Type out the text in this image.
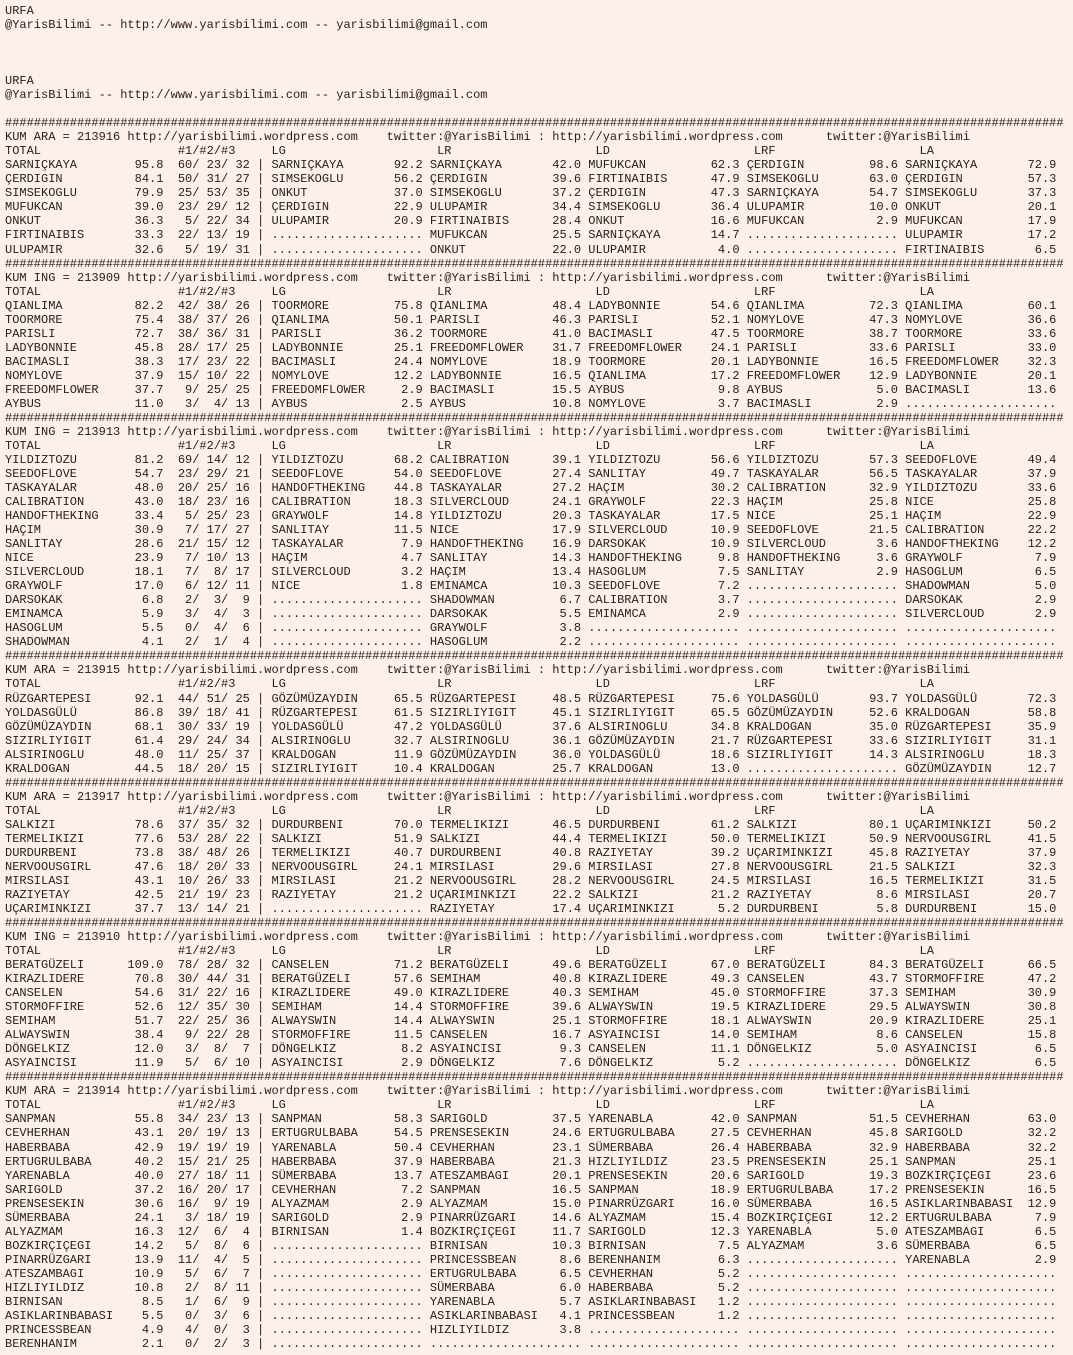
URFA
@YarisBilimi -- http://www.yarisbilimi.com -- yarisbilimi@gmail.com

URFA
@YarisBilimi -- http://www.yarisbilimi.com -- yarisbilimi@gmail.com
###################################################################################################################################################
KUM ARA = 213916 http://yarisbilimi.wordpress.com    twitter:@YarisBilimi : http://yarisbilimi.wordpress.com      twitter:@YarisBilimi
TOTAL                   #1/#2/#3     LG                     LR                    LD                    LRF                    LA
SARNIÇKAYA        95.8  60/ 23/ 32 | SARNIÇKAYA       92.2 SARNIÇKAYA       42.0 MUFUKCAN         62.3 ÇERDIGIN         98.6 SARNIÇKAYA       72.9
ÇERDIGIN          84.1  50/ 31/ 27 | SIMSEKOGLU       56.2 ÇERDIGIN         39.6 FIRTINAIBIS      47.9 SIMSEKOGLU       63.0 ÇERDIGIN         57.3
SIMSEKOGLU        79.9  25/ 53/ 35 | ONKUT            37.0 SIMSEKOGLU       37.2 ÇERDIGIN         47.3 SARNIÇKAYA       54.7 SIMSEKOGLU       37.3
MUFUKCAN          39.0  23/ 29/ 12 | ÇERDIGIN         22.9 ULUPAMIR         34.4 SIMSEKOGLU       36.4 ULUPAMIR         10.0 ONKUT            20.1
ONKUT             36.3   5/ 22/ 34 | ULUPAMIR         20.9 FIRTINAIBIS      28.4 ONKUT            16.6 MUFUKCAN          2.9 MUFUKCAN         17.9
FIRTINAIBIS       33.3  22/ 13/ 19 | ..................... MUFUKCAN         25.5 SARNIÇKAYA       14.7 ..................... ULUPAMIR         17.2
ULUPAMIR          32.6   5/ 19/ 31 | ..................... ONKUT            22.0 ULUPAMIR          4.0 ..................... FIRTINAIBIS       6.5
###################################################################################################################################################
KUM ING = 213909 http://yarisbilimi.wordpress.com    twitter:@YarisBilimi : http://yarisbilimi.wordpress.com      twitter:@YarisBilimi
TOTAL                   #1/#2/#3     LG                     LR                    LD                    LRF                    LA
QIANLIMA          82.2  42/ 38/ 26 | TOORMORE         75.8 QIANLIMA         48.4 LADYBONNIE       54.6 QIANLIMA         72.3 QIANLIMA         60.1
TOORMORE          75.4  38/ 37/ 26 | QIANLIMA         50.1 PARISLI          46.3 PARISLI          52.1 NOMYLOVE         47.3 NOMYLOVE         36.6
PARISLI           72.7  38/ 36/ 31 | PARISLI          36.2 TOORMORE         41.0 BACIMASLI        47.5 TOORMORE         38.7 TOORMORE         33.6
LADYBONNIE        45.8  28/ 17/ 25 | LADYBONNIE       25.1 FREEDOMFLOWER    31.7 FREEDOMFLOWER    24.1 PARISLI          33.6 PARISLI          33.0
BACIMASLI         38.3  17/ 23/ 22 | BACIMASLI        24.4 NOMYLOVE         18.9 TOORMORE         20.1 LADYBONNIE       16.5 FREEDOMFLOWER    32.3
NOMYLOVE          37.9  15/ 10/ 22 | NOMYLOVE         12.2 LADYBONNIE       16.5 QIANLIMA         17.2 FREEDOMFLOWER    12.9 LADYBONNIE       20.1
FREEDOMFLOWER     37.7   9/ 25/ 25 | FREEDOMFLOWER     2.9 BACIMASLI        15.5 AYBUS             9.8 AYBUS             5.0 BACIMASLI        13.6
AYBUS             11.0   3/  4/ 13 | AYBUS             2.5 AYBUS            10.8 NOMYLOVE          3.7 BACIMASLI         2.9 .....................
###################################################################################################################################################
KUM ING = 213913 http://yarisbilimi.wordpress.com    twitter:@YarisBilimi : http://yarisbilimi.wordpress.com      twitter:@YarisBilimi
TOTAL                   #1/#2/#3     LG                     LR                    LD                    LRF                    LA
YILDIZTOZU        81.2  69/ 14/ 12 | YILDIZTOZU       68.2 CALIBRATION      39.1 YILDIZTOZU       56.6 YILDIZTOZU       57.3 SEEDOFLOVE       49.4
SEEDOFLOVE        54.7  23/ 29/ 21 | SEEDOFLOVE       54.0 SEEDOFLOVE       27.4 SANLITAY         49.7 TASKAYALAR       56.5 TASKAYALAR       37.9
TASKAYALAR        48.0  20/ 25/ 16 | HANDOFTHEKING    44.8 TASKAYALAR       27.2 HAÇIM            30.2 CALIBRATION      32.9 YILDIZTOZU       33.6
CALIBRATION       43.0  18/ 23/ 16 | CALIBRATION      18.3 SILVERCLOUD      24.1 GRAYWOLF         22.3 HAÇIM            25.8 NICE             25.8
HANDOFTHEKING     33.4   5/ 25/ 23 | GRAYWOLF         14.8 YILDIZTOZU       20.3 TASKAYALAR       17.5 NICE             25.1 HAÇIM            22.9
HAÇIM             30.9   7/ 17/ 27 | SANLITAY         11.5 NICE             17.9 SILVERCLOUD      10.9 SEEDOFLOVE       21.5 CALIBRATION      22.2
SANLITAY          28.6  21/ 15/ 12 | TASKAYALAR        7.9 HANDOFTHEKING    16.9 DARSOKAK         10.9 SILVERCLOUD       3.6 HANDOFTHEKING    12.2
NICE              23.9   7/ 10/ 13 | HAÇIM             4.7 SANLITAY         14.3 HANDOFTHEKING     9.8 HANDOFTHEKING     3.6 GRAYWOLF          7.9
SILVERCLOUD       18.1   7/  8/ 17 | SILVERCLOUD       3.2 HAÇIM            13.4 HASOGLUM          7.5 SANLITAY          2.9 HASOGLUM          6.5
GRAYWOLF          17.0   6/ 12/ 11 | NICE              1.8 EMINAMCA         10.3 SEEDOFLOVE        7.2 ..................... SHADOWMAN         5.0
DARSOKAK           6.8   2/  3/  9 | ..................... SHADOWMAN         6.7 CALIBRATION       3.7 ..................... DARSOKAK          2.9
EMINAMCA           5.9   3/  4/  3 | ..................... DARSOKAK          5.5 EMINAMCA          2.9 ..................... SILVERCLOUD       2.9
HASOGLUM           5.5   0/  4/  6 | ..................... GRAYWOLF          3.8 ..................... ..................... .....................
SHADOWMAN          4.1   2/  1/  4 | ..................... HASOGLUM          2.2 ..................... ..................... .....................
###################################################################################################################################################
KUM ARA = 213915 http://yarisbilimi.wordpress.com    twitter:@YarisBilimi : http://yarisbilimi.wordpress.com      twitter:@YarisBilimi
TOTAL                   #1/#2/#3     LG                     LR                    LD                    LRF                    LA
RÜZGARTEPESI      92.1  44/ 51/ 25 | GÖZÜMÜZAYDIN     65.5 RÜZGARTEPESI     48.5 RÜZGARTEPESI     75.6 YOLDASGÜLÜ       93.7 YOLDASGÜLÜ       72.3
YOLDASGÜLÜ        86.8  39/ 18/ 41 | RÜZGARTEPESI     61.5 SIZIRLIYIGIT     45.1 SIZIRLIYIGIT     65.5 GÖZÜMÜZAYDIN     52.6 KRALDOGAN        58.8
GÖZÜMÜZAYDIN      68.1  30/ 33/ 19 | YOLDASGÜLÜ       47.2 YOLDASGÜLÜ       37.6 ALSIRINOGLU      34.8 KRALDOGAN        35.0 RÜZGARTEPESI     35.9
SIZIRLIYIGIT      61.4  29/ 24/ 34 | ALSIRINOGLU      32.7 ALSIRINOGLU      36.1 GÖZÜMÜZAYDIN     21.7 RÜZGARTEPESI     33.6 SIZIRLIYIGIT     31.1
ALSIRINOGLU       48.0  11/ 25/ 37 | KRALDOGAN        11.9 GÖZÜMÜZAYDIN     36.0 YOLDASGÜLÜ       18.6 SIZIRLIYIGIT     14.3 ALSIRINOGLU      18.3
KRALDOGAN         44.5  18/ 20/ 15 | SIZIRLIYIGIT     10.4 KRALDOGAN        25.7 KRALDOGAN        13.0 ..................... GÖZÜMÜZAYDIN     12.7
###################################################################################################################################################
KUM ARA = 213917 http://yarisbilimi.wordpress.com    twitter:@YarisBilimi : http://yarisbilimi.wordpress.com      twitter:@YarisBilimi
TOTAL                   #1/#2/#3     LG                     LR                    LD                    LRF                    LA
SALKIZI           78.6  37/ 35/ 32 | DURDURBENI       70.0 TERMELIKIZI      46.5 DURDURBENI       61.2 SALKIZI          80.1 UÇARIMINKIZI     50.2
TERMELIKIZI       77.6  53/ 28/ 22 | SALKIZI          51.9 SALKIZI          44.4 TERMELIKIZI      50.0 TERMELIKIZI      50.9 NERVOOUSGIRL     41.5
DURDURBENI        73.8  38/ 48/ 26 | TERMELIKIZI      40.7 DURDURBENI       40.8 RAZIYETAY        39.2 UÇARIMINKIZI     45.8 RAZIYETAY        37.9
NERVOOUSGIRL      47.6  18/ 20/ 33 | NERVOOUSGIRL     24.1 MIRSILASI        29.6 MIRSILASI        27.8 NERVOOUSGIRL     21.5 SALKIZI          32.3
MIRSILASI         43.1  10/ 26/ 33 | MIRSILASI        21.2 NERVOOUSGIRL     28.2 NERVOOUSGIRL     24.5 MIRSILASI        16.5 TERMELIKIZI      31.5
RAZIYETAY         42.5  21/ 19/ 23 | RAZIYETAY        21.2 UÇARIMINKIZI     22.2 SALKIZI          21.2 RAZIYETAY         8.6 MIRSILASI        20.7
UÇARIMINKIZI      37.7  13/ 14/ 21 | ..................... RAZIYETAY        17.4 UÇARIMINKIZI      5.2 DURDURBENI        5.8 DURDURBENI       15.0
###################################################################################################################################################
KUM ING = 213910 http://yarisbilimi.wordpress.com    twitter:@YarisBilimi : http://yarisbilimi.wordpress.com      twitter:@YarisBilimi
TOTAL                   #1/#2/#3     LG                     LR                    LD                    LRF                    LA
BERATGÜZELI      109.0  78/ 28/ 32 | CANSELEN         71.2 BERATGÜZELI      49.6 BERATGÜZELI      67.0 BERATGÜZELI      84.3 BERATGÜZELI      66.5
KIRAZLIDERE       70.8  30/ 44/ 31 | BERATGÜZELI      57.6 SEMIHAM          40.8 KIRAZLIDERE      49.3 CANSELEN         43.7 STORMOFFIRE      47.2
CANSELEN          54.6  31/ 22/ 16 | KIRAZLIDERE      49.0 KIRAZLIDERE      40.3 SEMIHAM          45.0 STORMOFFIRE      37.3 SEMIHAM          30.9
STORMOFFIRE       52.6  12/ 35/ 30 | SEMIHAM          14.4 STORMOFFIRE      39.6 ALWAYSWIN        19.5 KIRAZLIDERE      29.5 ALWAYSWIN        30.8
SEMIHAM           51.7  22/ 25/ 36 | ALWAYSWIN        14.4 ALWAYSWIN        25.1 STORMOFFIRE      18.1 ALWAYSWIN        20.9 KIRAZLIDERE      25.1
ALWAYSWIN         38.4   9/ 22/ 28 | STORMOFFIRE      11.5 CANSELEN         16.7 ASYAINCISI       14.0 SEMIHAM           8.6 CANSELEN         15.8
DÖNGELKIZ         12.0   3/  8/  7 | DÖNGELKIZ         8.2 ASYAINCISI        9.3 CANSELEN         11.1 DÖNGELKIZ         5.0 ASYAINCISI        6.5
ASYAINCISI        11.9   5/  6/ 10 | ASYAINCISI        2.9 DÖNGELKIZ         7.6 DÖNGELKIZ         5.2 ..................... DÖNGELKIZ         6.5
###################################################################################################################################################
KUM ARA = 213914 http://yarisbilimi.wordpress.com    twitter:@YarisBilimi : http://yarisbilimi.wordpress.com      twitter:@YarisBilimi
TOTAL                   #1/#2/#3     LG                     LR                    LD                    LRF                    LA
SANPMAN           55.8  34/ 23/ 13 | SANPMAN          58.3 SARIGOLD         37.5 YARENABLA        42.0 SANPMAN          51.5 CEVHERHAN        63.0
CEVHERHAN         43.1  20/ 19/ 13 | ERTUGRULBABA     54.5 PRENSESEKIN      24.6 ERTUGRULBABA     27.5 CEVHERHAN        45.8 SARIGOLD         32.2
HABERBABA         42.9  19/ 19/ 19 | YARENABLA        50.4 CEVHERHAN        23.1 SÜMERBABA        26.4 HABERBABA        32.9 HABERBABA        32.2
ERTUGRULBABA      40.2  15/ 21/ 25 | HABERBABA        37.9 HABERBABA        21.3 HIZLIYILDIZ      23.5 PRENSESEKIN      25.1 SANPMAN          25.1
YARENABLA         40.0  27/ 18/ 11 | SÜMERBABA        13.7 ATESZAMBAGI      20.1 PRENSESEKIN      20.6 SARIGOLD         19.3 BOZKIRÇIÇEGI     23.6
SARIGOLD          37.2  16/ 20/ 17 | CEVHERHAN         7.2 SANPMAN          16.5 SANPMAN          18.9 ERTUGRULBABA     17.2 PRENSESEKIN      16.5
PRENSESEKIN       30.6  16/  9/ 19 | ALYAZMAM          2.9 ALYAZMAM         15.0 PINARRÜZGARI     16.0 SÜMERBABA        16.5 ASIKLARINBABASI  12.9
SÜMERBABA         24.1   3/ 18/ 19 | SARIGOLD          2.9 PINARRÜZGARI     14.6 ALYAZMAM         15.4 BOZKIRÇIÇEGI     12.2 ERTUGRULBABA      7.9
ALYAZMAM          16.3  12/  6/  4 | BIRNISAN          1.4 BOZKIRÇIÇEGI     11.7 SARIGOLD         12.3 YARENABLA         5.0 ATESZAMBAGI       6.5
BOZKIRÇIÇEGI      14.2   5/  8/  6 | ..................... BIRNISAN         10.3 BIRNISAN          7.5 ALYAZMAM          3.6 SÜMERBABA         6.5
PINARRÜZGARI      13.9  11/  4/  5 | ..................... PRINCESSBEAN      8.6 BERENHANIM        6.3 ..................... YARENABLA         2.9
ATESZAMBAGI       10.9   5/  6/  7 | ..................... ERTUGRULBABA      6.5 CEVHERHAN         5.2 ..................... .....................
HIZLIYILDIZ       10.8   2/  8/ 11 | ..................... SÜMERBABA         6.0 HABERBABA         5.2 ..................... .....................
BIRNISAN           8.5   1/  6/  9 | ..................... YARENABLA         5.7 ASIKLARINBABASI   1.2 ..................... .....................
ASIKLARINBABASI    5.5   0/  3/  6 | ..................... ASIKLARINBABASI   4.1 PRINCESSBEAN      1.2 ..................... .....................
PRINCESSBEAN       4.9   4/  0/  3 | ..................... HIZLIYILDIZ       3.8 ..................... ..................... .....................
BERENHANIM         2.1   0/  2/  3 | ..................... ..................... ..................... ..................... .....................
